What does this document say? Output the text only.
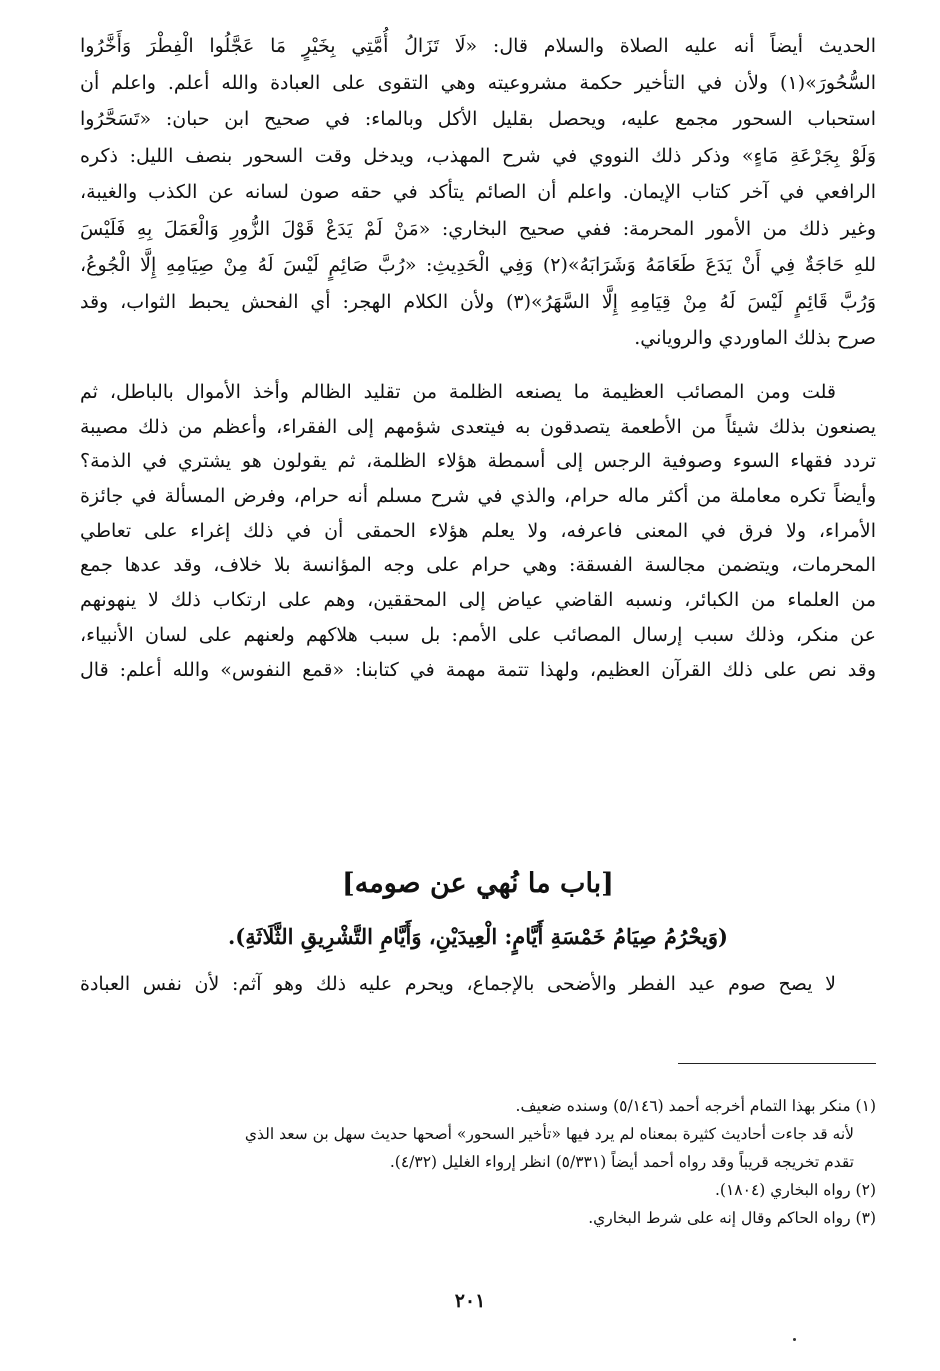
الحديث أيضاً أنه عليه الصلاة والسلام قال: «لَا تَزَالُ أُمَّتِي بِخَيْرٍ مَا عَجَّلُوا الْفِطْرَ وَأَخَّرُوا
السُّحُورَ»(١) ولأن في التأخير حكمة مشروعيته وهي التقوى على العبادة والله أعلم. واعلم أن
استحباب السحور مجمع عليه، ويحصل بقليل الأكل وبالماء: في صحيح ابن حبان: «تَسَحَّرُوا
وَلَوْ بِجَرْعَةِ مَاءٍ» وذكر ذلك النووي في شرح المهذب، ويدخل وقت السحور بنصف الليل: ذكره
الرافعي في آخر كتاب الإيمان. واعلم أن الصائم يتأكد في حقه صون لسانه عن الكذب والغيبة،
وغير ذلك من الأمور المحرمة: ففي صحيح البخاري: «مَنْ لَمْ يَدَعْ قَوْلَ الزُّورِ وَالْعَمَلَ بِهِ فَلَيْسَ
للهِ حَاجَةٌ فِي أَنْ يَدَعَ طَعَامَهُ وَشَرَابَهُ»(٢) وَفِي الْحَدِيثِ: «رُبَّ صَائِمٍ لَيْسَ لَهُ مِنْ صِيَامِهِ إِلَّا الْجُوعُ،
وَرُبَّ قَائِمٍ لَيْسَ لَهُ مِنْ قِيَامِهِ إِلَّا السَّهَرُ»(٣) ولأن الكلام الهجر: أي الفحش يحبط الثواب، وقد
صرح بذلك الماوردي والروياني.
قلت ومن المصائب العظيمة ما يصنعه الظلمة من تقليد الظالم وأخذ الأموال بالباطل، ثم
يصنعون بذلك شيئاً من الأطعمة يتصدقون به فيتعدى شؤمهم إلى الفقراء، وأعظم من ذلك مصيبة
تردد فقهاء السوء وصوفية الرجس إلى أسمطة هؤلاء الظلمة، ثم يقولون هو يشتري في الذمة؟
وأيضاً تكره معاملة من أكثر ماله حرام، والذي في شرح مسلم أنه حرام، وفرض المسألة في جائزة
الأمراء، ولا فرق في المعنى فاعرفه، ولا يعلم هؤلاء الحمقى أن في ذلك إغراء على تعاطي
المحرمات، ويتضمن مجالسة الفسقة: وهي حرام على وجه المؤانسة بلا خلاف، وقد عدها جمع
من العلماء من الكبائر، ونسبه القاضي عياض إلى المحققين، وهم على ارتكاب ذلك لا ينهونهم
عن منكر، وذلك سبب إرسال المصائب على الأمم: بل سبب هلاكهم ولعنهم على لسان الأنبياء،
وقد نص على ذلك القرآن العظيم، ولهذا تتمة مهمة في كتابنا: «قمع النفوس» والله أعلم: قال
[باب ما نُهي عن صومه]
(وَيحْرُمُ صِيَامُ خَمْسَةِ أَيَّامٍ: الْعِيدَيْنِ، وَأَيَّامِ التَّشْرِيقِ الثَّلَاثَةِ).
لا يصح صوم عيد الفطر والأضحى بالإجماع، ويحرم عليه ذلك وهو آثم: لأن نفس العبادة
(١) منكر بهذا التمام أخرجه أحمد (٥/١٤٦) وسنده ضعيف.
لأنه قد جاءت أحاديث كثيرة بمعناه لم يرد فيها «تأخير السحور» أصحها حديث سهل بن سعد الذي
تقدم تخريجه قريباً وقد رواه أحمد أيضاً (٥/٣٣١) انظر إرواء الغليل (٤/٣٢).
(٢) رواه البخاري (١٨٠٤).
(٣) رواه الحاكم وقال إنه على شرط البخاري.
٢٠١
